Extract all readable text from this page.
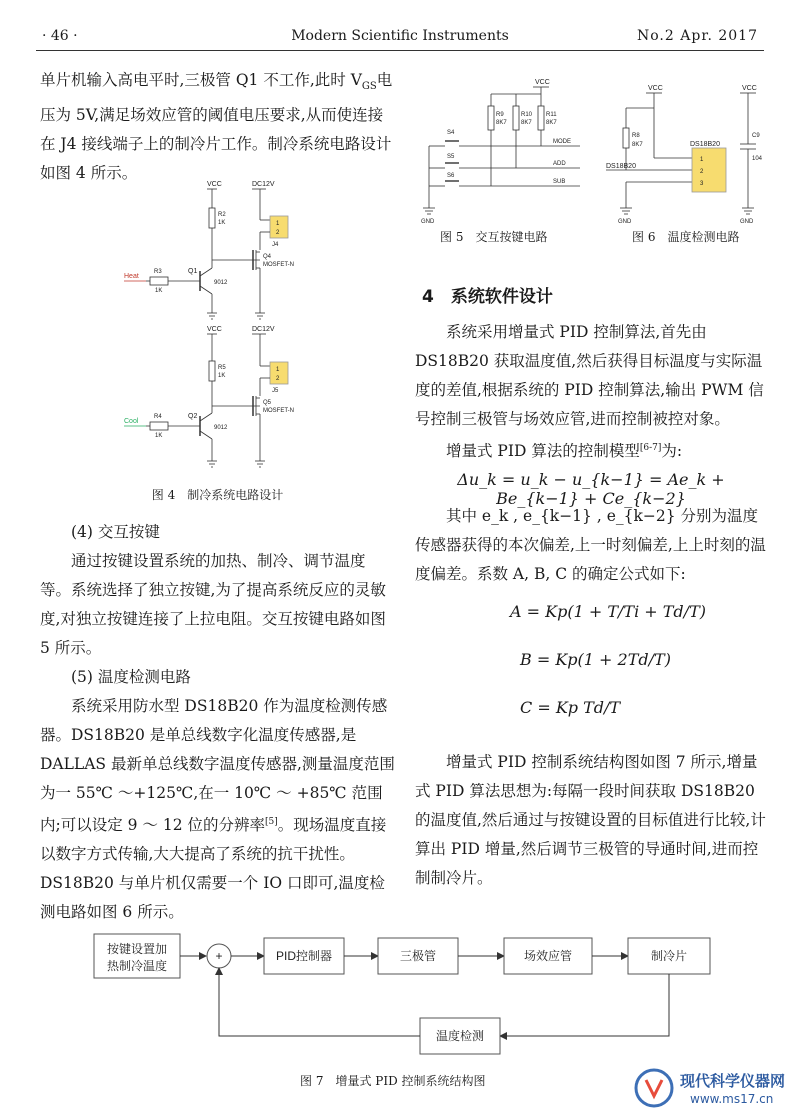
· 46 ·	Modern Scientific Instruments	No.2 Apr. 2017

单片机输入高电平时,三极管 Q1 不工作,此时 $V_{GS}$电压为 5V,满足场效应管的阈值电压要求,从而使连接在 J4 接线端子上的制冷片工作。制冷系统电路设计如图 4 所示。

VCC
R2
1K
Heat
R3
1K
Q1
9012
DC12V
1
2
J4
Q4
MOSFET-N
VCC
R5
1K
Cool
R4
1K
Q2
9012
DC12V
1
2
J5
Q5
MOSFET-N
图 4　制冷系统电路设计

(4) 交互按键

通过按键设置系统的加热、制冷、调节温度等。系统选择了独立按键,为了提高系统反应的灵敏度,对独立按键连接了上拉电阻。交互按键电路如图 5 所示。

(5) 温度检测电路

系统采用防水型 DS18B20 作为温度检测传感器。DS18B20 是单总线数字化温度传感器,是 DALLAS 最新单总线数字温度传感器,测量温度范围为一 55℃ ～+125℃,在一 10℃ ～ +85℃ 范围内;可以设定 9 ～ 12 位的分辨率[5]。现场温度直接以数字方式传输,大大提高了系统的抗干扰性。DS18B20 与单片机仅需要一个 IO 口即可,温度检测电路如图 6 所示。

VCC
R9
8K7
R10
8K7
R11
8K7
S4
MODE
S5
ADD
S6
SUB
GND
图 5　交互按键电路
VCC
R8
8K7
DS18B20
GND
DS18B20
1
2
3
VCC
C9
104
GND
图 6　温度检测电路
4　系统软件设计

系统采用增量式 PID 控制算法,首先由 DS18B20 获取温度值,然后获得目标温度与实际温度的差值,根据系统的 PID 控制算法,输出 PWM 信号控制三极管与场效应管,进而控制被控对象。

增量式 PID 算法的控制模型[6-7]为:

Δu_k = u_k − u_{k−1} = Ae_k + Be_{k−1} + Ce_{k−2}

其中 e_k , e_{k−1} , e_{k−2} 分别为温度传感器获得的本次偏差,上一时刻偏差,上上时刻的温度偏差。系数 A, B, C 的确定公式如下:

A = Kp(1 + T/Ti + Td/T)
B = Kp(1 + 2Td/T)
C = Kp Td/T

增量式 PID 控制系统结构图如图 7 所示,增量式 PID 算法思想为:每隔一段时间获取 DS18B20 的温度值,然后通过与按键设置的目标值进行比较,计算出 PID 增量,然后调节三极管的导通时间,进而控制制冷片。

按键设置加
热制冷温度
+	PID控制器	三极管	场效应管	制冷片
温度检测
图 7　增量式 PID 控制系统结构图	现代科学仪器网
www.ms17.cn
